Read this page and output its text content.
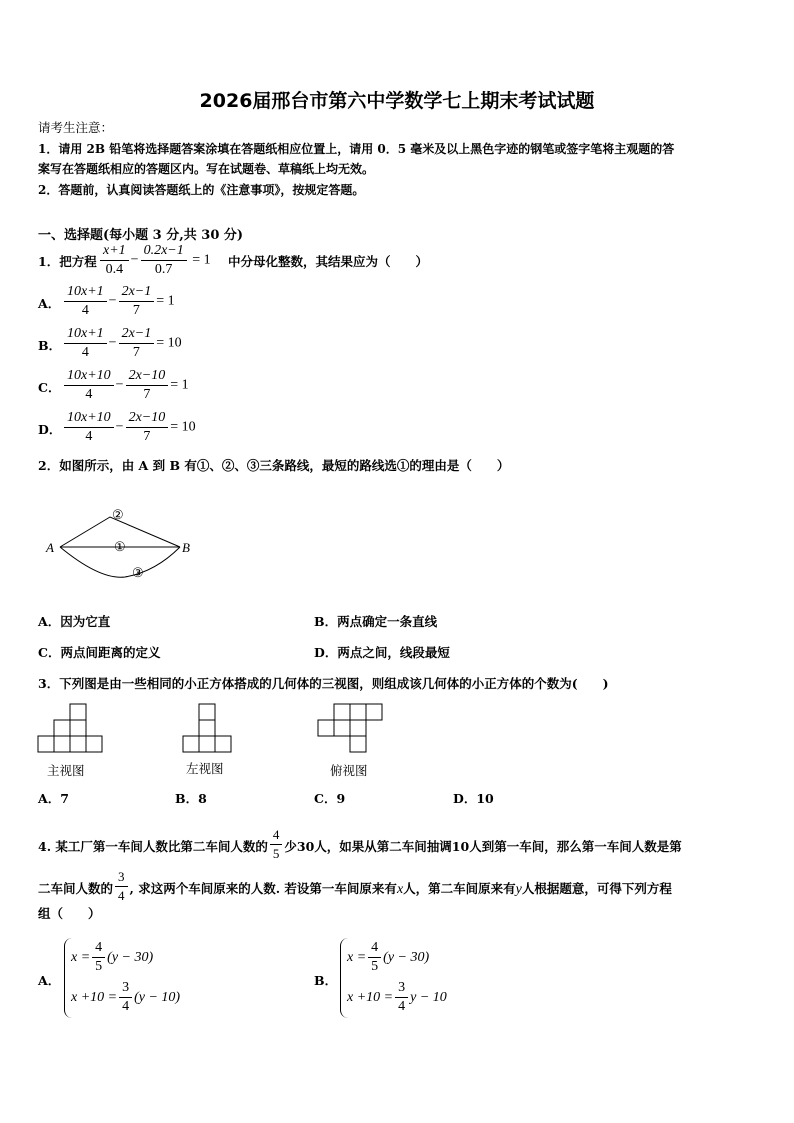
2026届邢台市第六中学数学七上期末考试试题
请考生注意：
1．请用 2B 铅笔将选择题答案涂填在答题纸相应位置上，请用 0．5 毫米及以上黑色字迹的钢笔或签字笔将主观题的答
案写在答题纸相应的答题区内。写在试题卷、草稿纸上均无效。
2．答题前，认真阅读答题纸上的《注意事项》，按规定答题。
一、选择题(每小题 3 分,共 30 分)
1．把方程 $\frac{x+1}{0.4} - \frac{0.2x-1}{0.7} = 1$ 中分母化整数，其结果应为（　　）
A． $\frac{10x+1}{4} - \frac{2x-1}{7} = 1$
B． $\frac{10x+1}{4} - \frac{2x-1}{7} = 10$
C． $\frac{10x+10}{4} - \frac{2x-10}{7} = 1$
D． $\frac{10x+10}{4} - \frac{2x-10}{7} = 10$
2．如图所示，由 A 到 B 有①、②、③三条路线，最短的路线选①的理由是（　　）
A	B
②
①
③
A．因为它直	B．两点确定一条直线
C．两点间距离的定义	D．两点之间，线段最短
3．下列图是由一些相同的小正方体搭成的几何体的三视图，则组成该几何体的小正方体的个数为(　　)
主视图	左视图	俯视图
A．7	B．8	C．9	D．10
4. 某工厂第一车间人数比第二车间人数的 $\frac{4}{5}$ 少30人，如果从第二车间抽调10人到第一车间，那么第一车间人数是第
二车间人数的 $\frac{3}{4}$ , 求这两个车间原来的人数. 若设第一车间原来有x人，第二车间原来有y人根据题意，可得下列方程
组（　　）
A．
$x = \frac{4}{5} (y - 30)$
$x +10 = \frac{3}{4} (y - 10)$
B．
$x = \frac{4}{5} (y - 30)$
$x +10 = \frac{3}{4}$ y − 10
